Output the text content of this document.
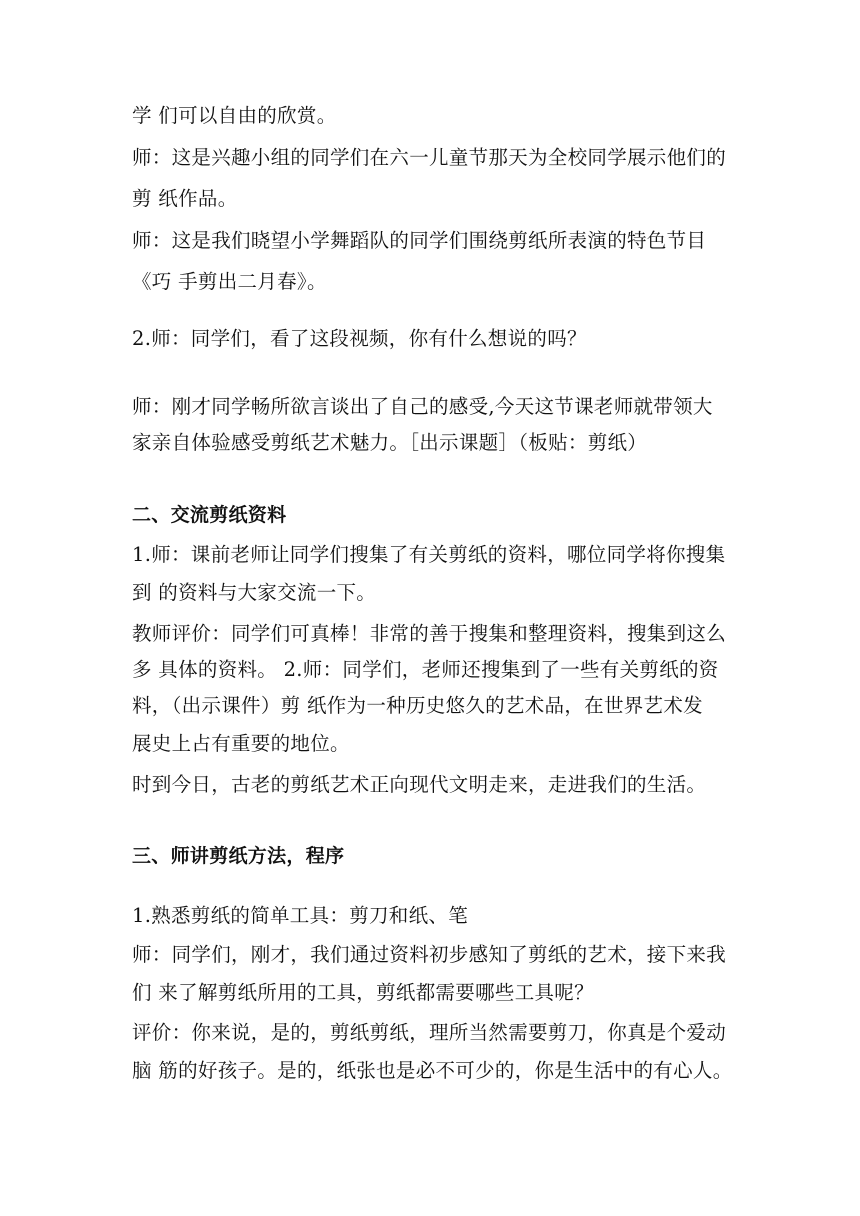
学 们可以自由的欣赏。
师：这是兴趣小组的同学们在六一儿童节那天为全校同学展示他们的
剪 纸作品。
师：这是我们晓望小学舞蹈队的同学们围绕剪纸所表演的特色节目
《巧 手剪出二月春》。
2.师：同学们，看了这段视频，你有什么想说的吗？
师：刚才同学畅所欲言谈出了自己的感受,今天这节课老师就带领大
家亲自体验感受剪纸艺术魅力。［出示课题］（板贴：剪纸）
二、交流剪纸资料
1.师：课前老师让同学们搜集了有关剪纸的资料，哪位同学将你搜集
到 的资料与大家交流一下。
教师评价：同学们可真棒！非常的善于搜集和整理资料，搜集到这么
多 具体的资料。 2.师：同学们，老师还搜集到了一些有关剪纸的资
料，（出示课件）剪 纸作为一种历史悠久的艺术品，在世界艺术发
展史上占有重要的地位。
时到今日，古老的剪纸艺术正向现代文明走来，走进我们的生活。
三、师讲剪纸方法，程序
1.熟悉剪纸的简单工具：剪刀和纸、笔
师：同学们，刚才，我们通过资料初步感知了剪纸的艺术，接下来我
们 来了解剪纸所用的工具，剪纸都需要哪些工具呢？
评价：你来说，是的，剪纸剪纸，理所当然需要剪刀，你真是个爱动
脑 筋的好孩子。是的，纸张也是必不可少的，你是生活中的有心人。
